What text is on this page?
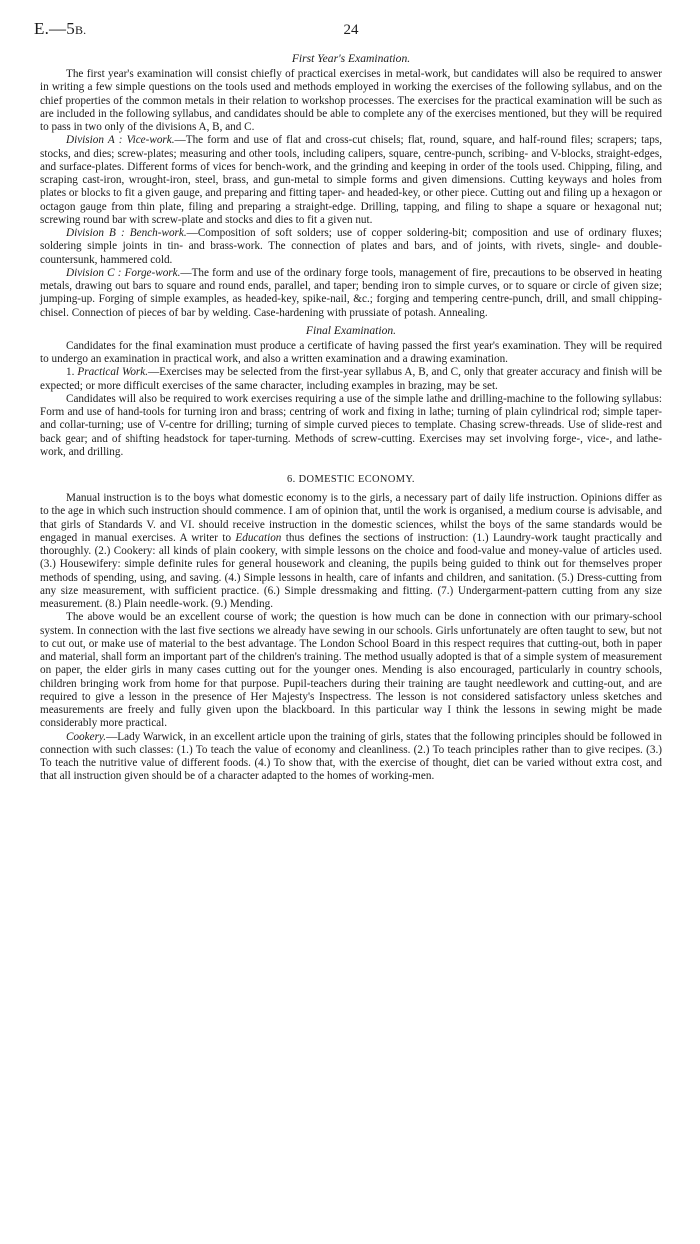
E.—5B.	24
First Year's Examination.

The first year's examination will consist chiefly of practical exercises in metal-work, but candidates will also be required to answer in writing a few simple questions on the tools used and methods employed in working the exercises of the following syllabus, and on the chief properties of the common metals in their relation to workshop processes. The exercises for the practical examination will be such as are included in the following syllabus, and candidates should be able to complete any of the exercises mentioned, but they will be required to pass in two only of the divisions A, B, and C.

Division A : Vice-work.—The form and use of flat and cross-cut chisels; flat, round, square, and half-round files; scrapers; taps, stocks, and dies; screw-plates; measuring and other tools, including calipers, square, centre-punch, scribing- and V-blocks, straight-edges, and surface-plates. Different forms of vices for bench-work, and the grinding and keeping in order of the tools used. Chipping, filing, and scraping cast-iron, wrought-iron, steel, brass, and gun-metal to simple forms and given dimensions. Cutting keyways and holes from plates or blocks to fit a given gauge, and preparing and fitting taper- and headed-key, or other piece. Cutting out and filing up a hexagon or octagon gauge from thin plate, filing and preparing a straight-edge. Drilling, tapping, and filing to shape a square or hexagonal nut; screwing round bar with screw-plate and stocks and dies to fit a given nut.

Division B : Bench-work.—Composition of soft solders; use of copper soldering-bit; composition and use of ordinary fluxes; soldering simple joints in tin- and brass-work. The connection of plates and bars, and of joints, with rivets, single- and double-countersunk, hammered cold.

Division C : Forge-work.—The form and use of the ordinary forge tools, management of fire, precautions to be observed in heating metals, drawing out bars to square and round ends, parallel, and taper; bending iron to simple curves, or to square or circle of given size; jumping-up. Forging of simple examples, as headed-key, spike-nail, &c.; forging and tempering centre-punch, drill, and small chipping-chisel. Connection of pieces of bar by welding. Case-hardening with prussiate of potash. Annealing.

Final Examination.

Candidates for the final examination must produce a certificate of having passed the first year's examination. They will be required to undergo an examination in practical work, and also a written examination and a drawing examination.

1. Practical Work.—Exercises may be selected from the first-year syllabus A, B, and C, only that greater accuracy and finish will be expected; or more difficult exercises of the same character, including examples in brazing, may be set.

Candidates will also be required to work exercises requiring a use of the simple lathe and drilling-machine to the following syllabus: Form and use of hand-tools for turning iron and brass; centring of work and fixing in lathe; turning of plain cylindrical rod; simple taper- and collar-turning; use of V-centre for drilling; turning of simple curved pieces to template. Chasing screw-threads. Use of slide-rest and back gear; and of shifting headstock for taper-turning. Methods of screw-cutting. Exercises may set involving forge-, vice-, and lathe-work, and drilling.

6. DOMESTIC ECONOMY.

Manual instruction is to the boys what domestic economy is to the girls, a necessary part of daily life instruction. Opinions differ as to the age in which such instruction should commence. I am of opinion that, until the work is organised, a medium course is advisable, and that girls of Standards V. and VI. should receive instruction in the domestic sciences, whilst the boys of the same standards would be engaged in manual exercises. A writer to Education thus defines the sections of instruction: (1.) Laundry-work taught practically and thoroughly. (2.) Cookery: all kinds of plain cookery, with simple lessons on the choice and food-value and money-value of articles used. (3.) Housewifery: simple definite rules for general housework and cleaning, the pupils being guided to think out for themselves proper methods of spending, using, and saving. (4.) Simple lessons in health, care of infants and children, and sanitation. (5.) Dress-cutting from any size measurement, with sufficient practice. (6.) Simple dressmaking and fitting. (7.) Undergarment-pattern cutting from any size measurement. (8.) Plain needle-work. (9.) Mending.

The above would be an excellent course of work; the question is how much can be done in connection with our primary-school system. In connection with the last five sections we already have sewing in our schools. Girls unfortunately are often taught to sew, but not to cut out, or make use of material to the best advantage. The London School Board in this respect requires that cutting-out, both in paper and material, shall form an important part of the children's training. The method usually adopted is that of a simple system of measurement on paper, the elder girls in many cases cutting out for the younger ones. Mending is also encouraged, particularly in country schools, children bringing work from home for that purpose. Pupil-teachers during their training are taught needlework and cutting-out, and are required to give a lesson in the presence of Her Majesty's Inspectress. The lesson is not considered satisfactory unless sketches and measurements are freely and fully given upon the blackboard. In this particular way I think the lessons in sewing might be made considerably more practical.

Cookery.—Lady Warwick, in an excellent article upon the training of girls, states that the following principles should be followed in connection with such classes: (1.) To teach the value of economy and cleanliness. (2.) To teach principles rather than to give recipes. (3.) To teach the nutritive value of different foods. (4.) To show that, with the exercise of thought, diet can be varied without extra cost, and that all instruction given should be of a character adapted to the homes of working-men.
